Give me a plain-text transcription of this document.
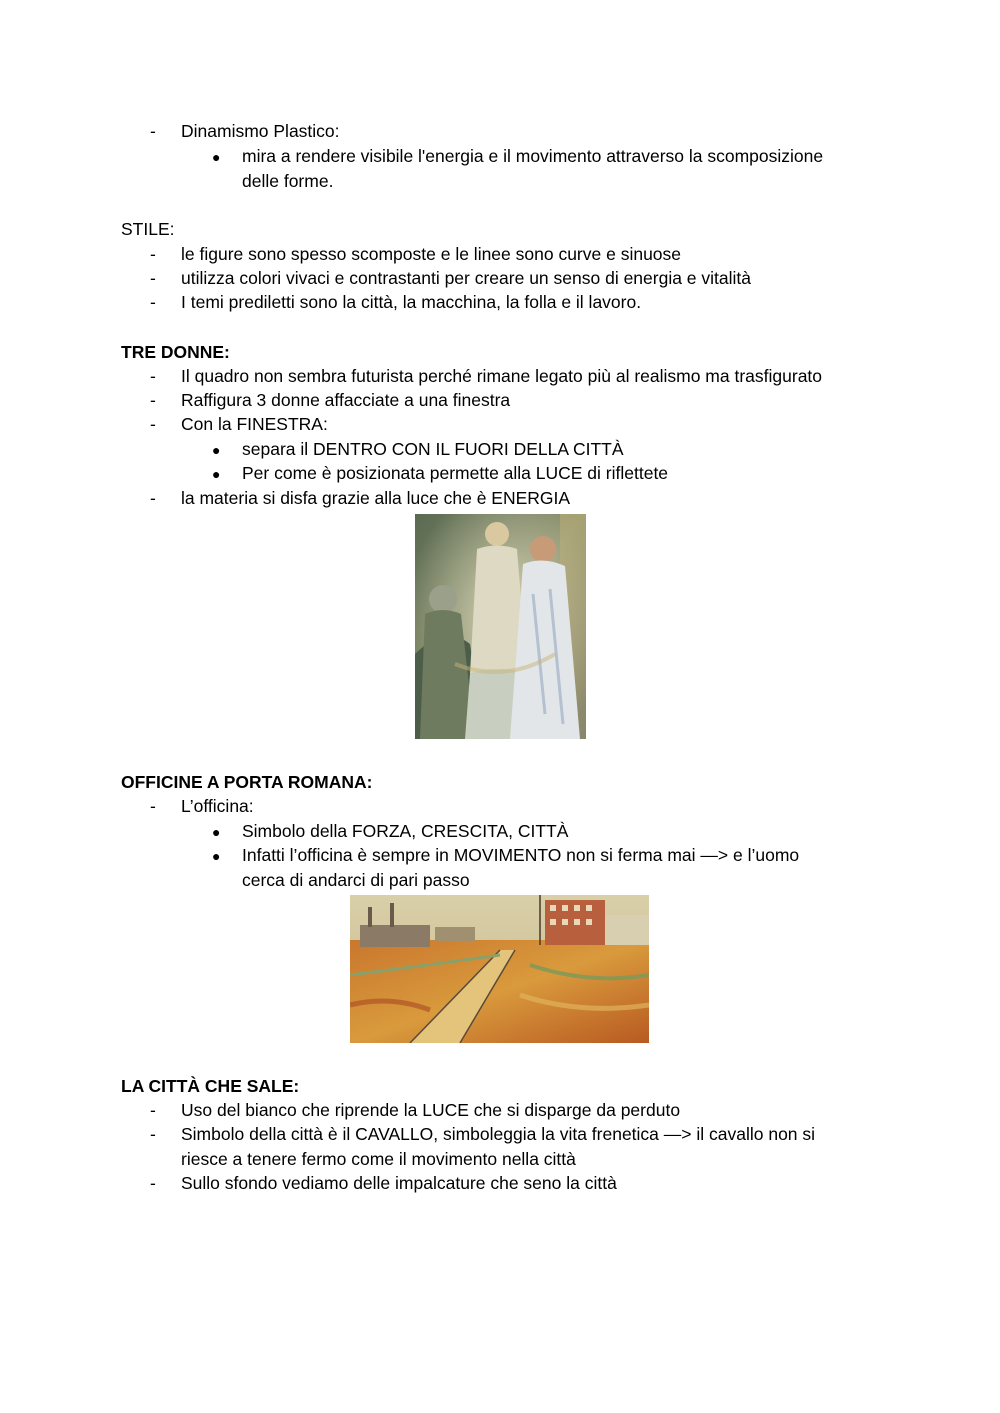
-	Dinamismo Plastico:
● mira a rendere visibile l'energia e il movimento attraverso la scomposizione
delle forme.
STILE:
-	le figure sono spesso scomposte e le linee sono curve e sinuose
-	utilizza colori vivaci e contrastanti per creare un senso di energia e vitalità
-	I temi prediletti sono la città, la macchina, la folla e il lavoro.
TRE DONNE:
-	Il quadro non sembra futurista perché rimane legato più al realismo ma trasfigurato
-	Raffigura 3 donne affacciate a una finestra
-	Con la FINESTRA:
● separa il DENTRO CON IL FUORI DELLA CITTÀ
● Per come è posizionata permette alla LUCE di riflettete
-	la materia si disfa grazie alla luce che è ENERGIA
OFFICINE A PORTA ROMANA:
-	L’officina:
● Simbolo della FORZA, CRESCITA, CITTÀ
● Infatti l’officina è sempre in MOVIMENTO non si ferma mai —> e l’uomo
cerca di andarci di pari passo
LA CITTÀ CHE SALE:
-	Uso del bianco che riprende la LUCE che si disparge da perduto
-	Simbolo della città è il CAVALLO, simboleggia la vita frenetica —> il cavallo non si
riesce a tenere fermo come il movimento nella città
-	Sullo sfondo vediamo delle impalcature che seno la città
